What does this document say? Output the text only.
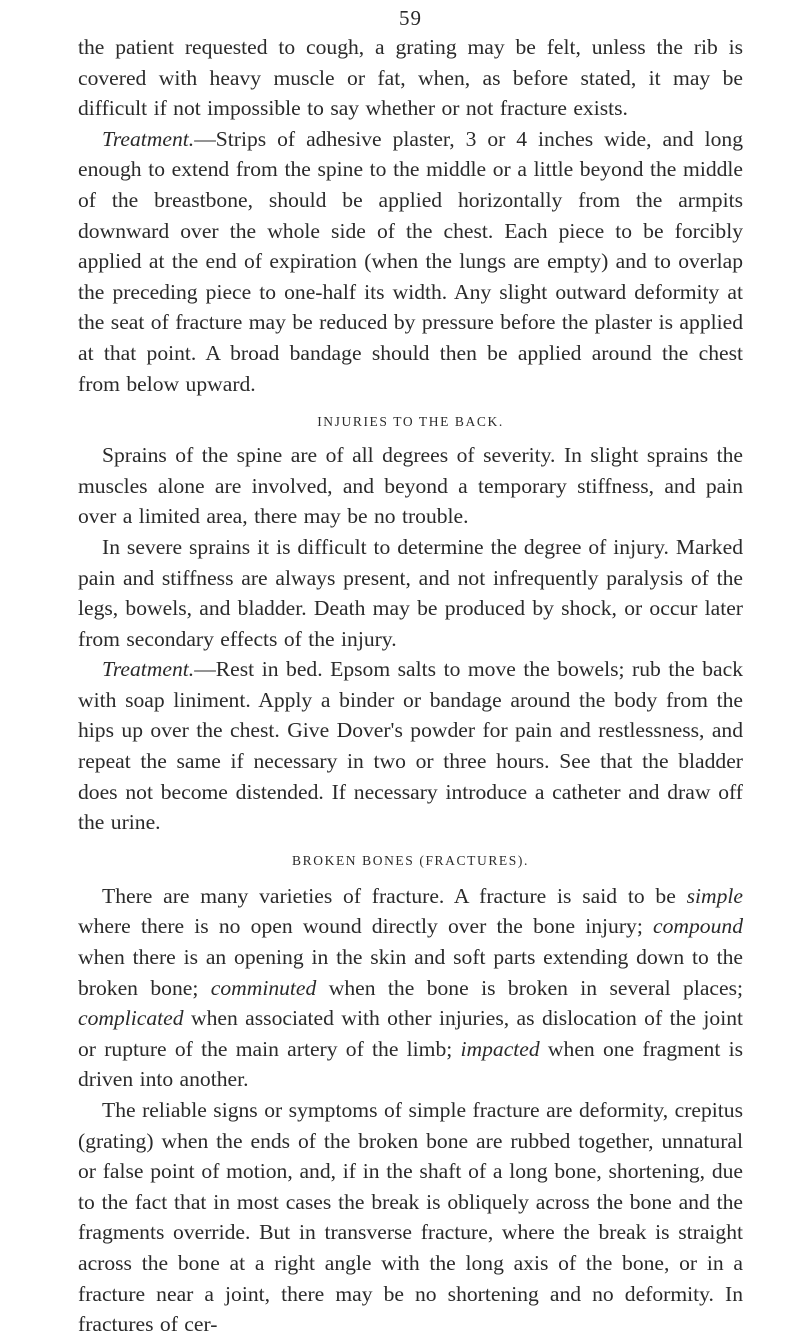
59

the patient requested to cough, a grating may be felt, unless the rib is covered with heavy muscle or fat, when, as before stated, it may be difficult if not impossible to say whether or not fracture exists.

Treatment.—Strips of adhesive plaster, 3 or 4 inches wide, and long enough to extend from the spine to the middle or a little beyond the middle of the breastbone, should be applied horizontally from the armpits downward over the whole side of the chest. Each piece to be forcibly applied at the end of expiration (when the lungs are empty) and to overlap the preceding piece to one-half its width. Any slight outward deformity at the seat of fracture may be reduced by pressure before the plaster is applied at that point. A broad bandage should then be applied around the chest from below upward.

INJURIES TO THE BACK.

Sprains of the spine are of all degrees of severity. In slight sprains the muscles alone are involved, and beyond a temporary stiffness, and pain over a limited area, there may be no trouble.

In severe sprains it is difficult to determine the degree of injury. Marked pain and stiffness are always present, and not infrequently paralysis of the legs, bowels, and bladder. Death may be produced by shock, or occur later from secondary effects of the injury.

Treatment.—Rest in bed. Epsom salts to move the bowels; rub the back with soap liniment. Apply a binder or bandage around the body from the hips up over the chest. Give Dover's powder for pain and restlessness, and repeat the same if necessary in two or three hours. See that the bladder does not become distended. If necessary introduce a catheter and draw off the urine.

BROKEN BONES (FRACTURES).

There are many varieties of fracture. A fracture is said to be simple where there is no open wound directly over the bone injury; compound when there is an opening in the skin and soft parts extending down to the broken bone; comminuted when the bone is broken in several places; complicated when associated with other injuries, as dislocation of the joint or rupture of the main artery of the limb; impacted when one fragment is driven into another.

The reliable signs or symptoms of simple fracture are deformity, crepitus (grating) when the ends of the broken bone are rubbed together, unnatural or false point of motion, and, if in the shaft of a long bone, shortening, due to the fact that in most cases the break is obliquely across the bone and the fragments override. But in transverse fracture, where the break is straight across the bone at a right angle with the long axis of the bone, or in a fracture near a joint, there may be no shortening and no deformity. In fractures of cer-
